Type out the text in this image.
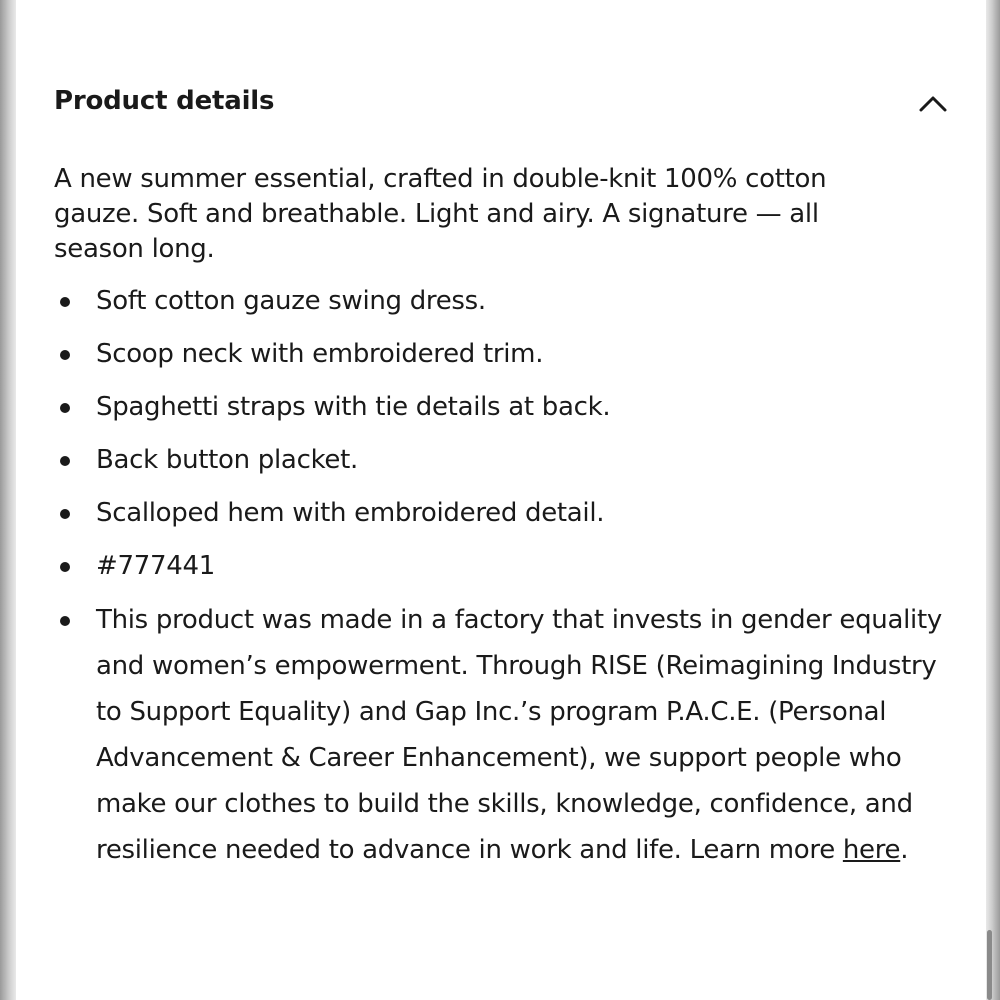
Product details

A new summer essential, crafted in double-knit 100% cotton gauze. Soft and breathable. Light and airy. A signature — all season long.

Soft cotton gauze swing dress.
Scoop neck with embroidered trim.
Spaghetti straps with tie details at back.
Back button placket.
Scalloped hem with embroidered detail.
#777441
This product was made in a factory that invests in gender equality and women’s empowerment. Through RISE (Reimagining Industry to Support Equality) and Gap Inc.’s program P.A.C.E. (Personal Advancement & Career Enhancement), we support people who make our clothes to build the skills, knowledge, confidence, and resilience needed to advance in work and life. Learn more here.
